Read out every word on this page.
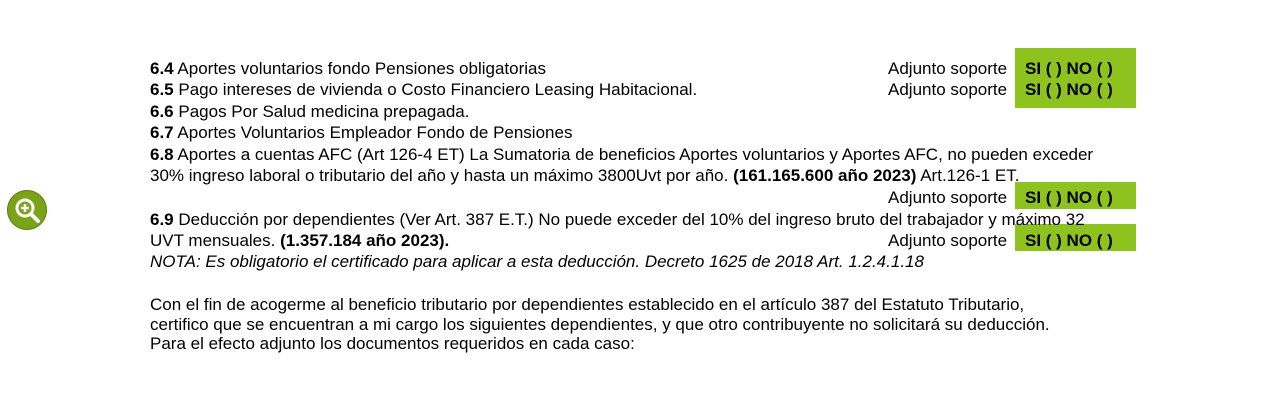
6.4 Aportes voluntarios fondo Pensiones obligatorias	Adjunto soporte SI ( ) NO ( )
6.5 Pago intereses de vivienda o Costo Financiero Leasing Habitacional.	Adjunto soporte SI ( ) NO ( )
6.6 Pagos Por Salud medicina prepagada.
6.7 Aportes Voluntarios Empleador Fondo de Pensiones
6.8 Aportes a cuentas AFC (Art 126-4 ET) La Sumatoria de beneficios Aportes voluntarios y Aportes AFC, no pueden exceder
30% ingreso laboral o tributario del año y hasta un máximo 3800Uvt por año. (161.165.600 año 2023) Art.126-1 ET.
Adjunto soporte SI ( ) NO ( )
6.9 Deducción por dependientes (Ver Art. 387 E.T.) No puede exceder del 10% del ingreso bruto del trabajador y máximo 32
UVT mensuales. (1.357.184 año 2023).	Adjunto soporte SI ( ) NO ( )
NOTA: Es obligatorio el certificado para aplicar a esta deducción. Decreto 1625 de 2018 Art. 1.2.4.1.18
Con el fin de acogerme al beneficio tributario por dependientes establecido en el artículo 387 del Estatuto Tributario,
certifico que se encuentran a mi cargo los siguientes dependientes, y que otro contribuyente no solicitará su deducción.
Para el efecto adjunto los documentos requeridos en cada caso:
